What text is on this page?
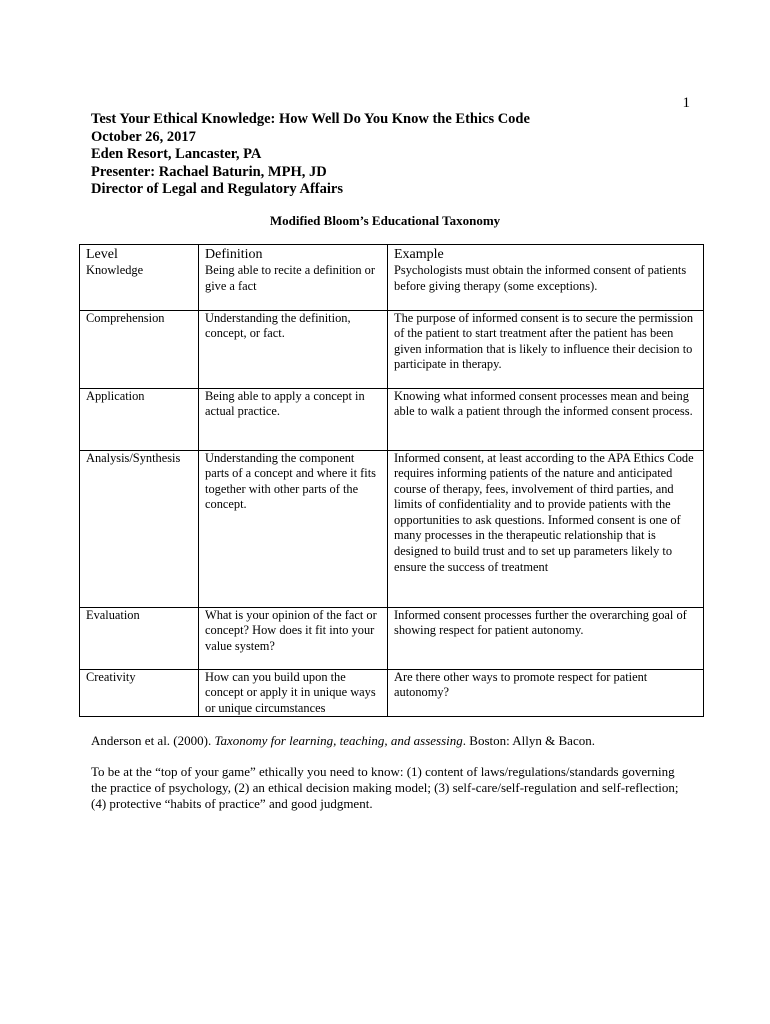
1
Test Your Ethical Knowledge: How Well Do You Know the Ethics Code
October 26, 2017
Eden Resort, Lancaster, PA
Presenter: Rachael Baturin, MPH, JD
Director of Legal and Regulatory Affairs
Modified Bloom’s Educational Taxonomy
Level	Definition	Example
Knowledge	Being able to recite a definition or give a fact	Psychologists must obtain the informed consent of patients before giving therapy (some exceptions).
Comprehension	Understanding the definition, concept, or fact.	The purpose of informed consent is to secure the permission of the patient to start treatment after the patient has been given information that is likely to influence their decision to participate in therapy.
Application	Being able to apply a concept in actual practice.	Knowing what informed consent processes mean and being able to walk a patient through the informed consent process.
Analysis/Synthesis	Understanding the component parts of a concept and where it fits together with other parts of the concept.	Informed consent, at least according to the APA Ethics Code requires informing patients of the nature and anticipated course of therapy, fees, involvement of third parties, and limits of confidentiality and to provide patients with the opportunities to ask questions. Informed consent is one of many processes in the therapeutic relationship that is designed to build trust and to set up parameters likely to ensure the success of treatment
Evaluation	What is your opinion of the fact or concept? How does it fit into your value system?	Informed consent processes further the overarching goal of showing respect for patient autonomy.
Creativity	How can you build upon the concept or apply it in unique ways or unique circumstances	Are there other ways to promote respect for patient autonomy?
Anderson et al. (2000). Taxonomy for learning, teaching, and assessing. Boston: Allyn & Bacon.
To be at the “top of your game” ethically you need to know: (1) content of laws/regulations/standards governing the practice of psychology, (2) an ethical decision making model; (3) self-care/self-regulation and self-reflection; (4) protective “habits of practice” and good judgment.
